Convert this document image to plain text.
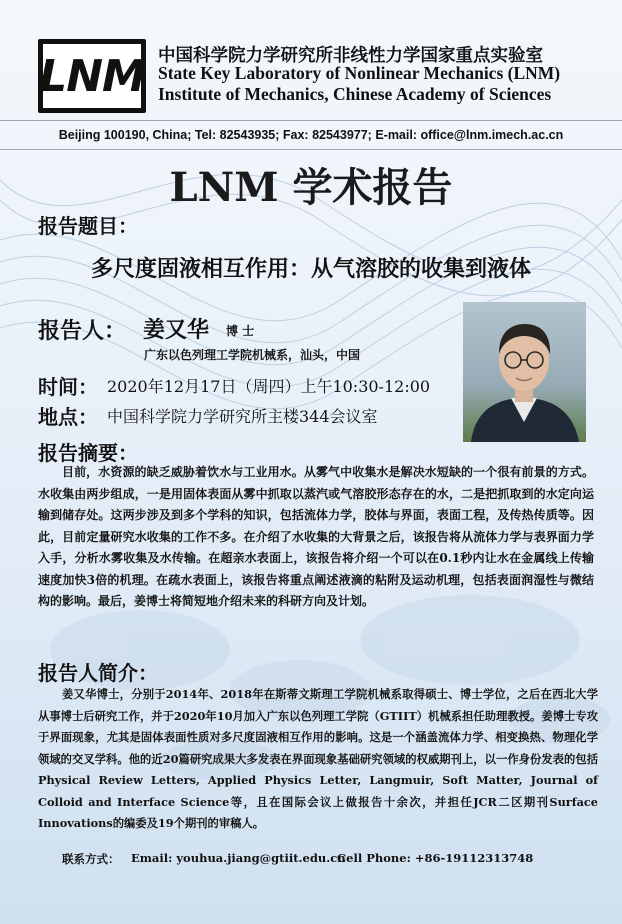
LNM 中国科学院力学研究所非线性力学国家重点实验室
State Key Laboratory of Nonlinear Mechanics (LNM)
Institute of Mechanics, Chinese Academy of Sciences
Beijing 100190, China; Tel: 82543935; Fax: 82543977; E-mail: office@lnm.imech.ac.cn
LNM 学术报告
报告题目：
多尺度固液相互作用：从气溶胶的收集到液体
报告人： 姜又华 博 士
广东以色列理工学院机械系，汕头，中国
时间： 2020年12月17日（周四）上午10:30-12:00
地点： 中国科学院力学研究所主楼344会议室
报告摘要：
目前，水资源的缺乏威胁着饮水与工业用水。从雾气中收集水是解决水短缺的一个很有前景的方式。水收集由两步组成，一是用固体表面从雾中抓取以蒸汽或气溶胶形态存在的水，二是把抓取到的水定向运输到储存处。这两步涉及到多个学科的知识，包括流体力学，胶体与界面，表面工程，及传热传质等。因此，目前定量研究水收集的工作不多。在介绍了水收集的大背景之后，该报告将从流体力学与表界面力学入手，分析水雾收集及水传输。在超亲水表面上，该报告将介绍一个可以在0.1秒内让水在金属线上传输速度加快3倍的机理。在疏水表面上，该报告将重点阐述液滴的粘附及运动机理，包括表面润湿性与微结构的影响。最后，姜博士将简短地介绍未来的科研方向及计划。
报告人简介：
姜又华博士，分别于2014年、2018年在斯蒂文斯理工学院机械系取得硕士、博士学位，之后在西北大学从事博士后研究工作，并于2020年10月加入广东以色列理工学院（GTIIT）机械系担任助理教授。姜博士专攻于界面现象，尤其是固体表面性质对多尺度固液相互作用的影响。这是一个涵盖流体力学、相变换热、物理化学领域的交叉学科。他的近20篇研究成果大多发表在界面现象基础研究领域的权威期刊上，以一作身份发表的包括Physical Review Letters, Applied Physics Letter, Langmuir, Soft Matter, Journal of Colloid and Interface Science等，且在国际会议上做报告十余次，并担任JCR二区期刊Surface Innovations的编委及19个期刊的审稿人。
联系方式： Email: youhua.jiang@gtiit.edu.cn
Cell Phone: +86-19112313748
